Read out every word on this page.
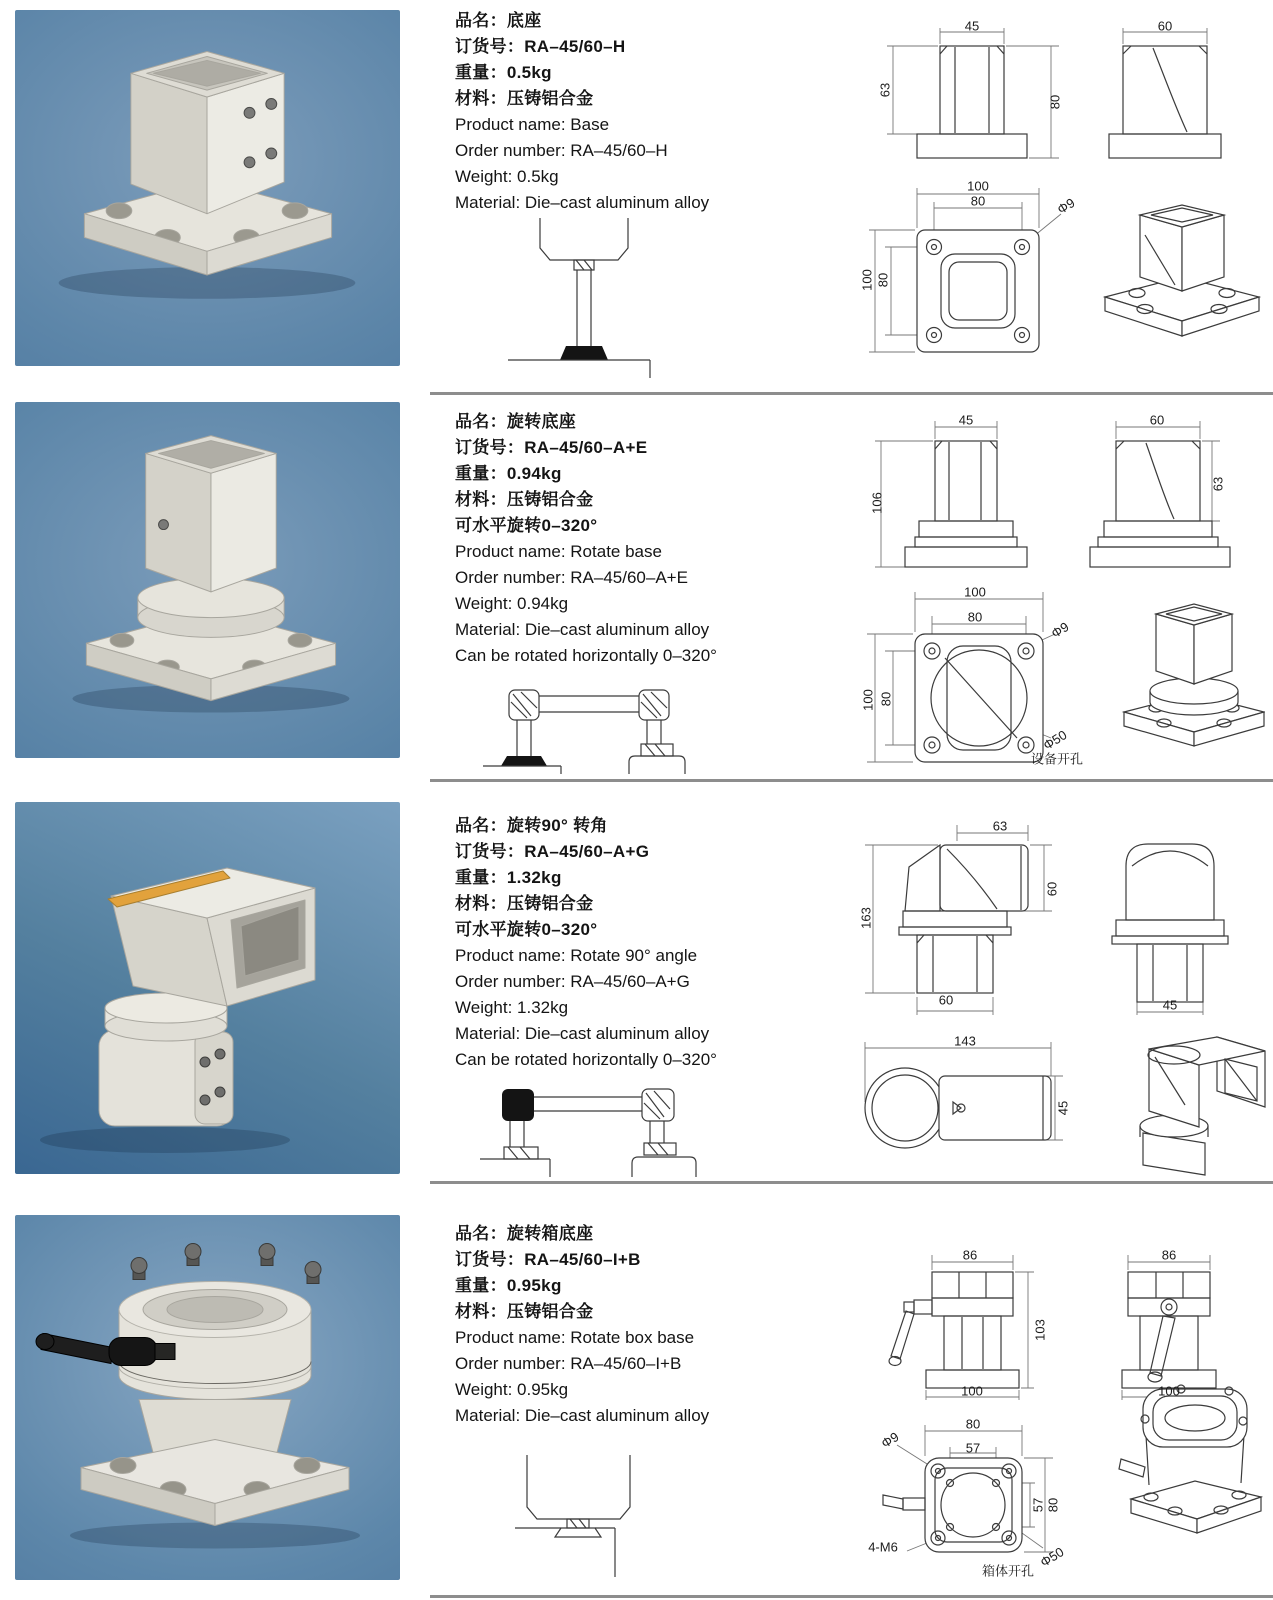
品名：底座
订货号：RA–45/60–H
重量：0.5kg
材料：压铸铝合金
Product name: Base
Order number: RA–45/60–H
Weight: 0.5kg
Material: Die–cast aluminum alloy
45
63
80
60
100
80
100 80
Φ9
品名：旋转底座
订货号：RA–45/60–A+E
重量：0.94kg
材料：压铸铝合金
可水平旋转0–320°
Product name: Rotate base
Order number: RA–45/60–A+E
Weight: 0.94kg
Material: Die–cast aluminum alloy
Can be rotated horizontally 0–320°
45
106
60
63
100
80
100 80
Φ9
Φ50
设备开孔
品名：旋转90° 转角
订货号：RA–45/60–A+G
重量：1.32kg
材料：压铸铝合金
可水平旋转0–320°
Product name: Rotate 90° angle
Order number: RA–45/60–A+G
Weight: 1.32kg
Material: Die–cast aluminum alloy
Can be rotated horizontally 0–320°
63
163
60
60	45
143
45
品名：旋转箱底座
订货号：RA–45/60–I+B
重量：0.95kg
材料：压铸铝合金
Product name: Rotate box base
Order number: RA–45/60–I+B
Weight: 0.95kg
Material: Die–cast aluminum alloy
86
103
100
86
100
80
57
57 80
Φ9
4-M6	Φ50
箱体开孔
